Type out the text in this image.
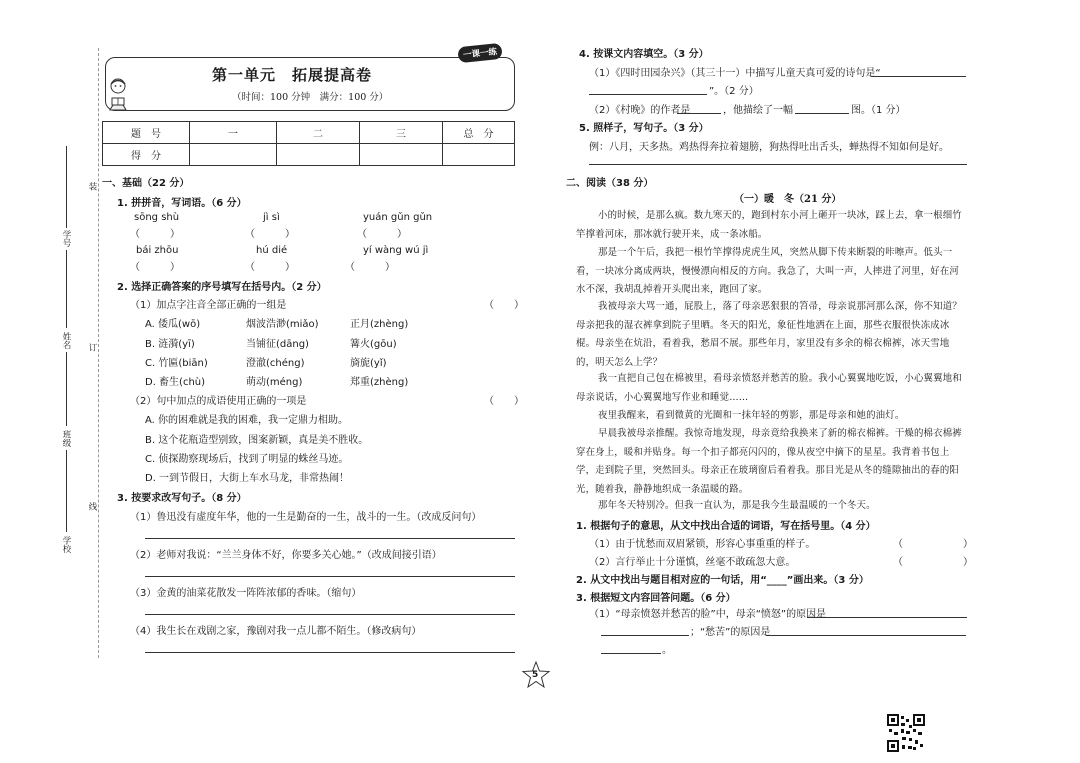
装
订
线
学号
姓名
班级
学校
第一单元　拓展提高卷
（时间：100 分钟　满分：100 分）
一课一练
题　号	一	二	三	总　分
得　分				
一、基础（22 分）
1. 拼拼音，写词语。（6 分）
sōng shù	jì sì	yuán gǔn gǔn
（　　　）	（　　　）	（　　　）
bái zhōu	hú dié	yí wàng wú jì
（　　　）	（　　　）	（　　　）
2. 选择正确答案的序号填写在括号内。（2 分）
（1）加点字注音全部正确的一组是	（　　）
A. 倭瓜(wō)	烟波浩渺(miǎo)	正月(zhèng)
B. 涟漪(yī)	当铺征(dāng)	篝火(gōu)
C. 竹匾(biān)	澄澈(chéng)	旖旎(yǐ)
D. 畜生(chù)	萌动(méng)	郑重(zhèng)
（2）句中加点的成语使用正确的一项是	（　　）
A. 你的困难就是我的困难，我一定鼎力相助。
B. 这个花瓶造型别致，图案新颖，真是美不胜收。
C. 侦探勘察现场后，找到了明显的蛛丝马迹。
D. 一到节假日，大街上车水马龙，非常热闹！
3. 按要求改写句子。（8 分）
（1）鲁迅没有虚度年华，他的一生是勤奋的一生，战斗的一生。（改成反问句）
（2）老师对我说：“兰兰身体不好，你要多关心她。”（改成间接引语）
（3）金黄的油菜花散发一阵阵浓郁的香味。（缩句）
（4）我生长在戏剧之家，豫剧对我一点儿都不陌生。（修改病句）
4. 按课文内容填空。（3 分）
（1）《四时田园杂兴》（其三十一）中描写儿童天真可爱的诗句是“
”。（2 分）
（2）《村晚》的作者是	，他描绘了一幅	图。（1 分）
5. 照样子，写句子。（3 分）
例：八月，天多热。鸡热得奔拉着翅膀，狗热得吐出舌头，蝉热得不知如何是好。
二、阅读（38 分）
（一）暖　冬（21 分）
小的时候，是那么疯。数九寒天的，跑到村东小河上砸开一块冰，踩上去，拿一根细竹竿撑着河床，那冰就行驶开来，成一条冰船。
那是一个午后，我把一根竹竿撑得虎虎生风，突然从脚下传来断裂的咔嚓声。低头一看，一块冰分离成两块，慢慢漂向相反的方向。我急了，大叫一声，人摔进了河里，好在河水不深，我胡乱掉着开头爬出来，跑回了家。
我被母亲大骂一通，屁股上，落了母亲恶狠狠的笤帚，母亲说那河那么深，你不知道？母亲把我的湿衣裤拿到院子里晒。冬天的阳光，象征性地洒在上面，那些衣服很快冻成冰棍。母亲坐在炕沿，看着我，愁眉不展。那些年月，家里没有多余的棉衣棉裤，冰天雪地的，明天怎么上学？
我一直把自己包在棉被里，看母亲愤怒并愁苦的脸。我小心翼翼地吃饭，小心翼翼地和母亲说话，小心翼翼地写作业和睡觉……
夜里我醒来，看到微黄的光圈和一抹年轻的剪影，那是母亲和她的油灯。
早晨我被母亲推醒。我惊奇地发现，母亲竟给我换来了新的棉衣棉裤。干燥的棉衣棉裤穿在身上，暖和并贴身。每一个扣子都亮闪闪的，像从夜空中摘下的星星。我背着书包上学，走到院子里，突然回头。母亲正在玻璃窗后看着我。那目光是从冬的缝隙抽出的春的阳光，随着我，静静地织成一条温暖的路。
那年冬天特别冷。但我一直认为，那是我今生最温暖的一个冬天。
1. 根据句子的意思，从文中找出合适的词语，写在括号里。（4 分）
（1）由于忧愁而双眉紧锁，形容心事重重的样子。	（　　　　　　）
（2）言行举止十分谨慎，丝毫不敢疏忽大意。	（　　　　　　）
2. 从文中找出与题目相对应的一句话，用“____”画出来。（3 分）
3. 根据短文内容回答问题。（6 分）
（1）“母亲愤怒并愁苦的脸”中，母亲“愤怒”的原因是
；“愁苦”的原因是
。
5
